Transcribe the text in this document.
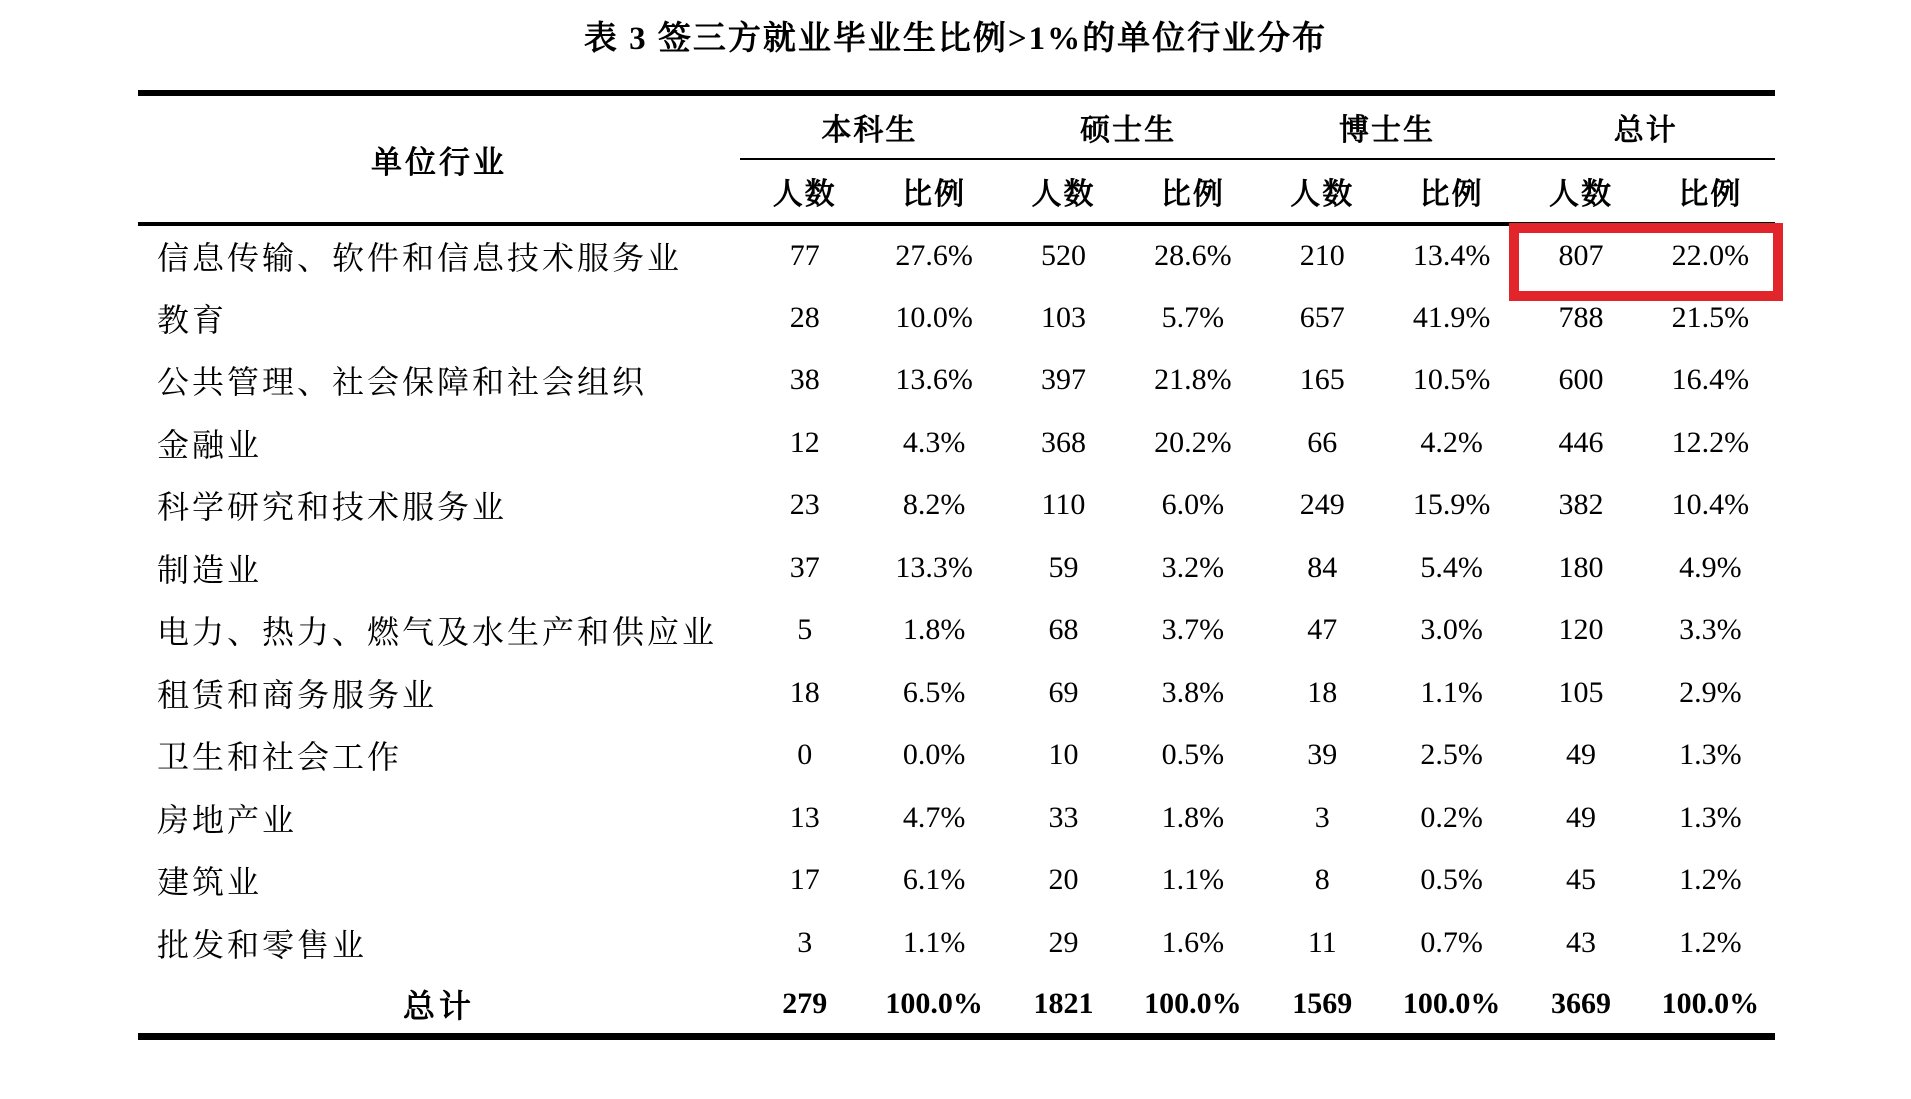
表 3 签三方就业毕业生比例>1%的单位行业分布
单位行业	本科生		硕士生		博士生		总计	
	人数	比例	人数	比例	人数	比例	人数	比例
信息传输、软件和信息技术服务业	77	27.6%	520	28.6%	210	13.4%	807	22.0%
教育	28	10.0%	103	5.7%	657	41.9%	788	21.5%
公共管理、社会保障和社会组织	38	13.6%	397	21.8%	165	10.5%	600	16.4%
金融业	12	4.3%	368	20.2%	66	4.2%	446	12.2%
科学研究和技术服务业	23	8.2%	110	6.0%	249	15.9%	382	10.4%
制造业	37	13.3%	59	3.2%	84	5.4%	180	4.9%
电力、热力、燃气及水生产和供应业	5	1.8%	68	3.7%	47	3.0%	120	3.3%
租赁和商务服务业	18	6.5%	69	3.8%	18	1.1%	105	2.9%
卫生和社会工作	0	0.0%	10	0.5%	39	2.5%	49	1.3%
房地产业	13	4.7%	33	1.8%	3	0.2%	49	1.3%
建筑业	17	6.1%	20	1.1%	8	0.5%	45	1.2%
批发和零售业	3	1.1%	29	1.6%	11	0.7%	43	1.2%
总计	279	100.0%	1821	100.0%	1569	100.0%	3669	100.0%
